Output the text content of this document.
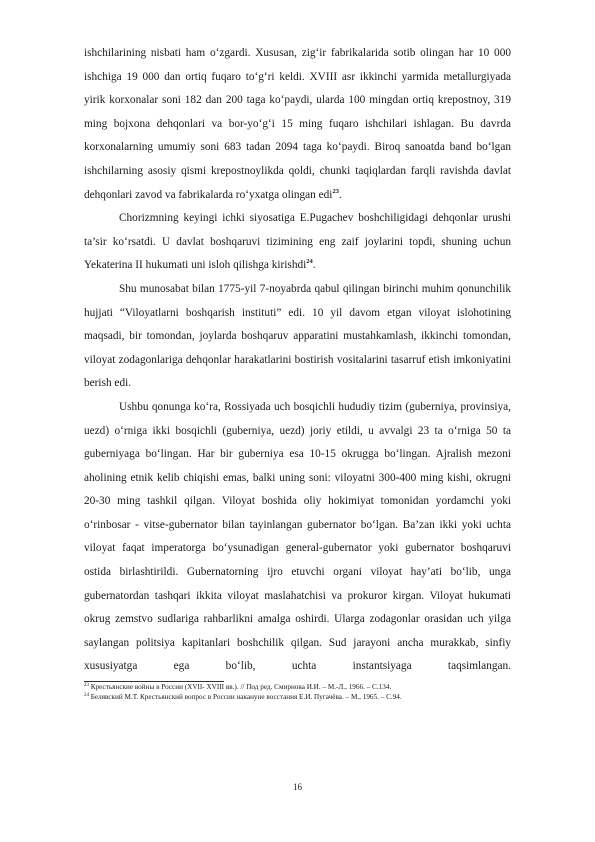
ishchilarining nisbati ham o‘zgardi. Xususan, zig‘ir fabrikalarida sotib olingan har 10 000 ishchiga 19 000 dan ortiq fuqaro to‘g‘ri keldi. XVIII asr ikkinchi yarmida metallurgiyada yirik korxonalar soni 182 dan 200 taga ko‘paydi, ularda 100 mingdan ortiq krepostnoy, 319 ming bojxona dehqonlari va bor-yo‘g‘i 15 ming fuqaro ishchilari ishlagan. Bu davrda korxonalarning umumiy soni 683 tadan 2094 taga ko‘paydi. Biroq sanoatda band bo‘lgan ishchilarning asosiy qismi krepostnoylikda qoldi, chunki taqiqlardan farqli ravishda davlat dehqonlari zavod va fabrikalarda ro‘yxatga olingan edi$^{23}$.

Chorizmning keyingi ichki siyosatiga E.Pugachev boshchiligidagi dehqonlar urushi ta’sir ko‘rsatdi. U davlat boshqaruvi tizimining eng zaif joylarini topdi, shuning uchun Yekaterina II hukumati uni isloh qilishga kirishdi$^{24}$.

Shu munosabat bilan 1775-yil 7-noyabrda qabul qilingan birinchi muhim qonunchilik hujjati “Viloyatlarni boshqarish instituti” edi. 10 yil davom etgan viloyat islohotining maqsadi, bir tomondan, joylarda boshqaruv apparatini mustahkamlash, ikkinchi tomondan, viloyat zodagonlariga dehqonlar harakatlarini bostirish vositalarini tasarruf etish imkoniyatini berish edi.

Ushbu qonunga ko‘ra, Rossiyada uch bosqichli hududiy tizim (guberniya, provinsiya, uezd) o‘rniga ikki bosqichli (guberniya, uezd) joriy etildi, u avvalgi 23 ta o‘rniga 50 ta guberniyaga bo‘lingan. Har bir guberniya esa 10-15 okrugga bo‘lingan. Ajralish mezoni aholining etnik kelib chiqishi emas, balki uning soni: viloyatni 300-400 ming kishi, okrugni 20-30 ming tashkil qilgan. Viloyat boshida oliy hokimiyat tomonidan yordamchi yoki o‘rinbosar - vitse-gubernator bilan tayinlangan gubernator bo‘lgan. Ba’zan ikki yoki uchta viloyat faqat imperatorga bo‘ysunadigan general-gubernator yoki gubernator boshqaruvi ostida birlashtirildi. Gubernatorning ijro etuvchi organi viloyat hay’ati bo‘lib, unga gubernatordan tashqari ikkita viloyat maslahatchisi va prokuror kirgan. Viloyat hukumati okrug zemstvo sudlariga rahbarlikni amalga oshirdi. Ularga zodagonlar orasidan uch yilga saylangan politsiya kapitanlari boshchilik qilgan. Sud jarayoni ancha murakkab, sinfiy xususiyatga ega bo‘lib, uchta instantsiyaga taqsimlangan.

$^{23}$ Крестьянские войны в России (XVII- XVIII вв.). // Под ред. Смирнова И.И. – М.-Л., 1966. – С.134.

$^{24}$ Белявский М.Т. Крестьянский вопрос в России накануне восстания Е.И. Пугачёва. – М., 1965. – С.94.

16
